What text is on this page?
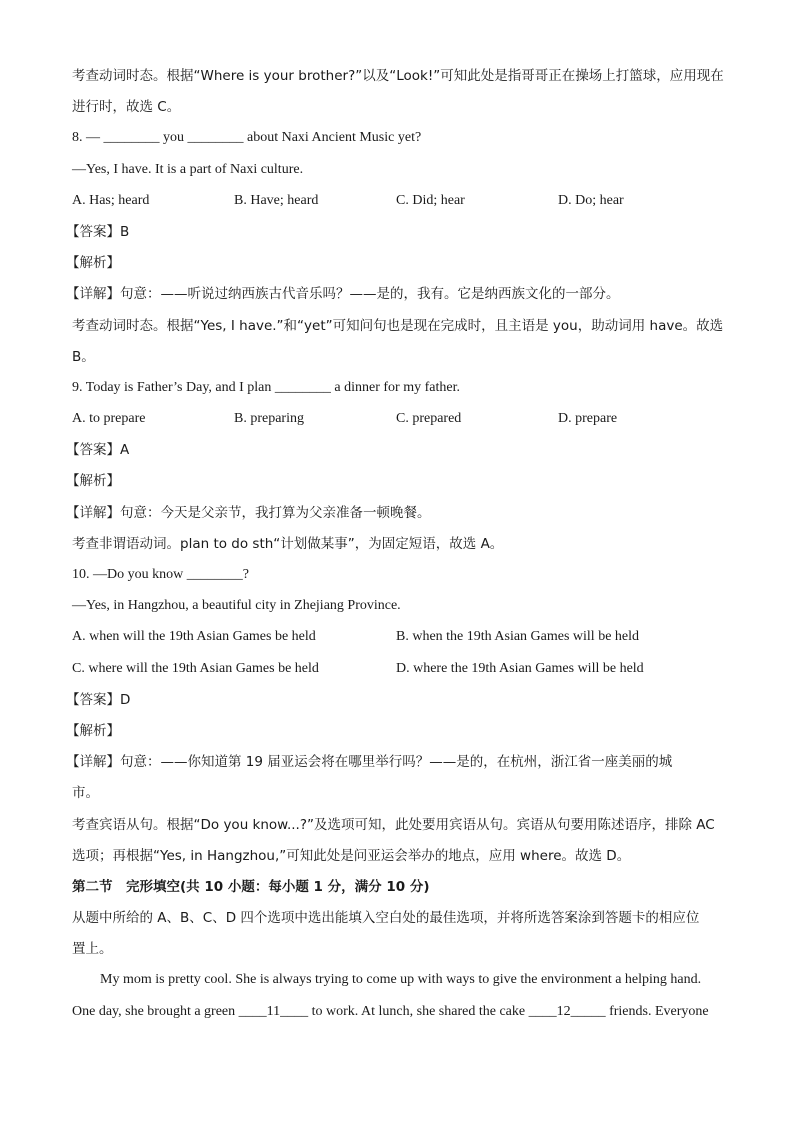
考查动词时态。根据“Where is your brother?”以及“Look!”可知此处是指哥哥正在操场上打篮球，应用现在
进行时，故选 C。
8. — ________ you ________ about Naxi Ancient Music yet?
—Yes, I have. It is a part of Naxi culture.
A. Has; heard	B. Have; heard	C. Did; hear	D. Do; hear
【答案】B
【解析】
【详解】句意：——听说过纳西族古代音乐吗？——是的，我有。它是纳西族文化的一部分。
考查动词时态。根据“Yes, I have.”和“yet”可知问句也是现在完成时，且主语是 you，助动词用 have。故选
B。
9. Today is Father’s Day, and I plan ________ a dinner for my father.
A. to prepare	B. preparing	C. prepared	D. prepare
【答案】A
【解析】
【详解】句意：今天是父亲节，我打算为父亲准备一顿晚餐。
考查非谓语动词。plan to do sth“计划做某事”，为固定短语，故选 A。
10. —Do you know ________?
—Yes, in Hangzhou, a beautiful city in Zhejiang Province.
A. when will the 19th Asian Games be held	B. when the 19th Asian Games will be held
C. where will the 19th Asian Games be held	D. where the 19th Asian Games will be held
【答案】D
【解析】
【详解】句意：——你知道第 19 届亚运会将在哪里举行吗？——是的，在杭州，浙江省一座美丽的城
市。
考查宾语从句。根据“Do you know...?”及选项可知，此处要用宾语从句。宾语从句要用陈述语序，排除 AC
选项；再根据“Yes, in Hangzhou,”可知此处是问亚运会举办的地点，应用 where。故选 D。
第二节　完形填空(共 10 小题：每小题 1 分，满分 10 分)
从题中所给的 A、B、C、D 四个选项中选出能填入空白处的最佳选项，并将所选答案涂到答题卡的相应位
置上。
My mom is pretty cool. She is always trying to come up with ways to give the environment a helping hand.
One day, she brought a green ____11____ to work. At lunch, she shared the cake ____12_____ friends. Everyone
